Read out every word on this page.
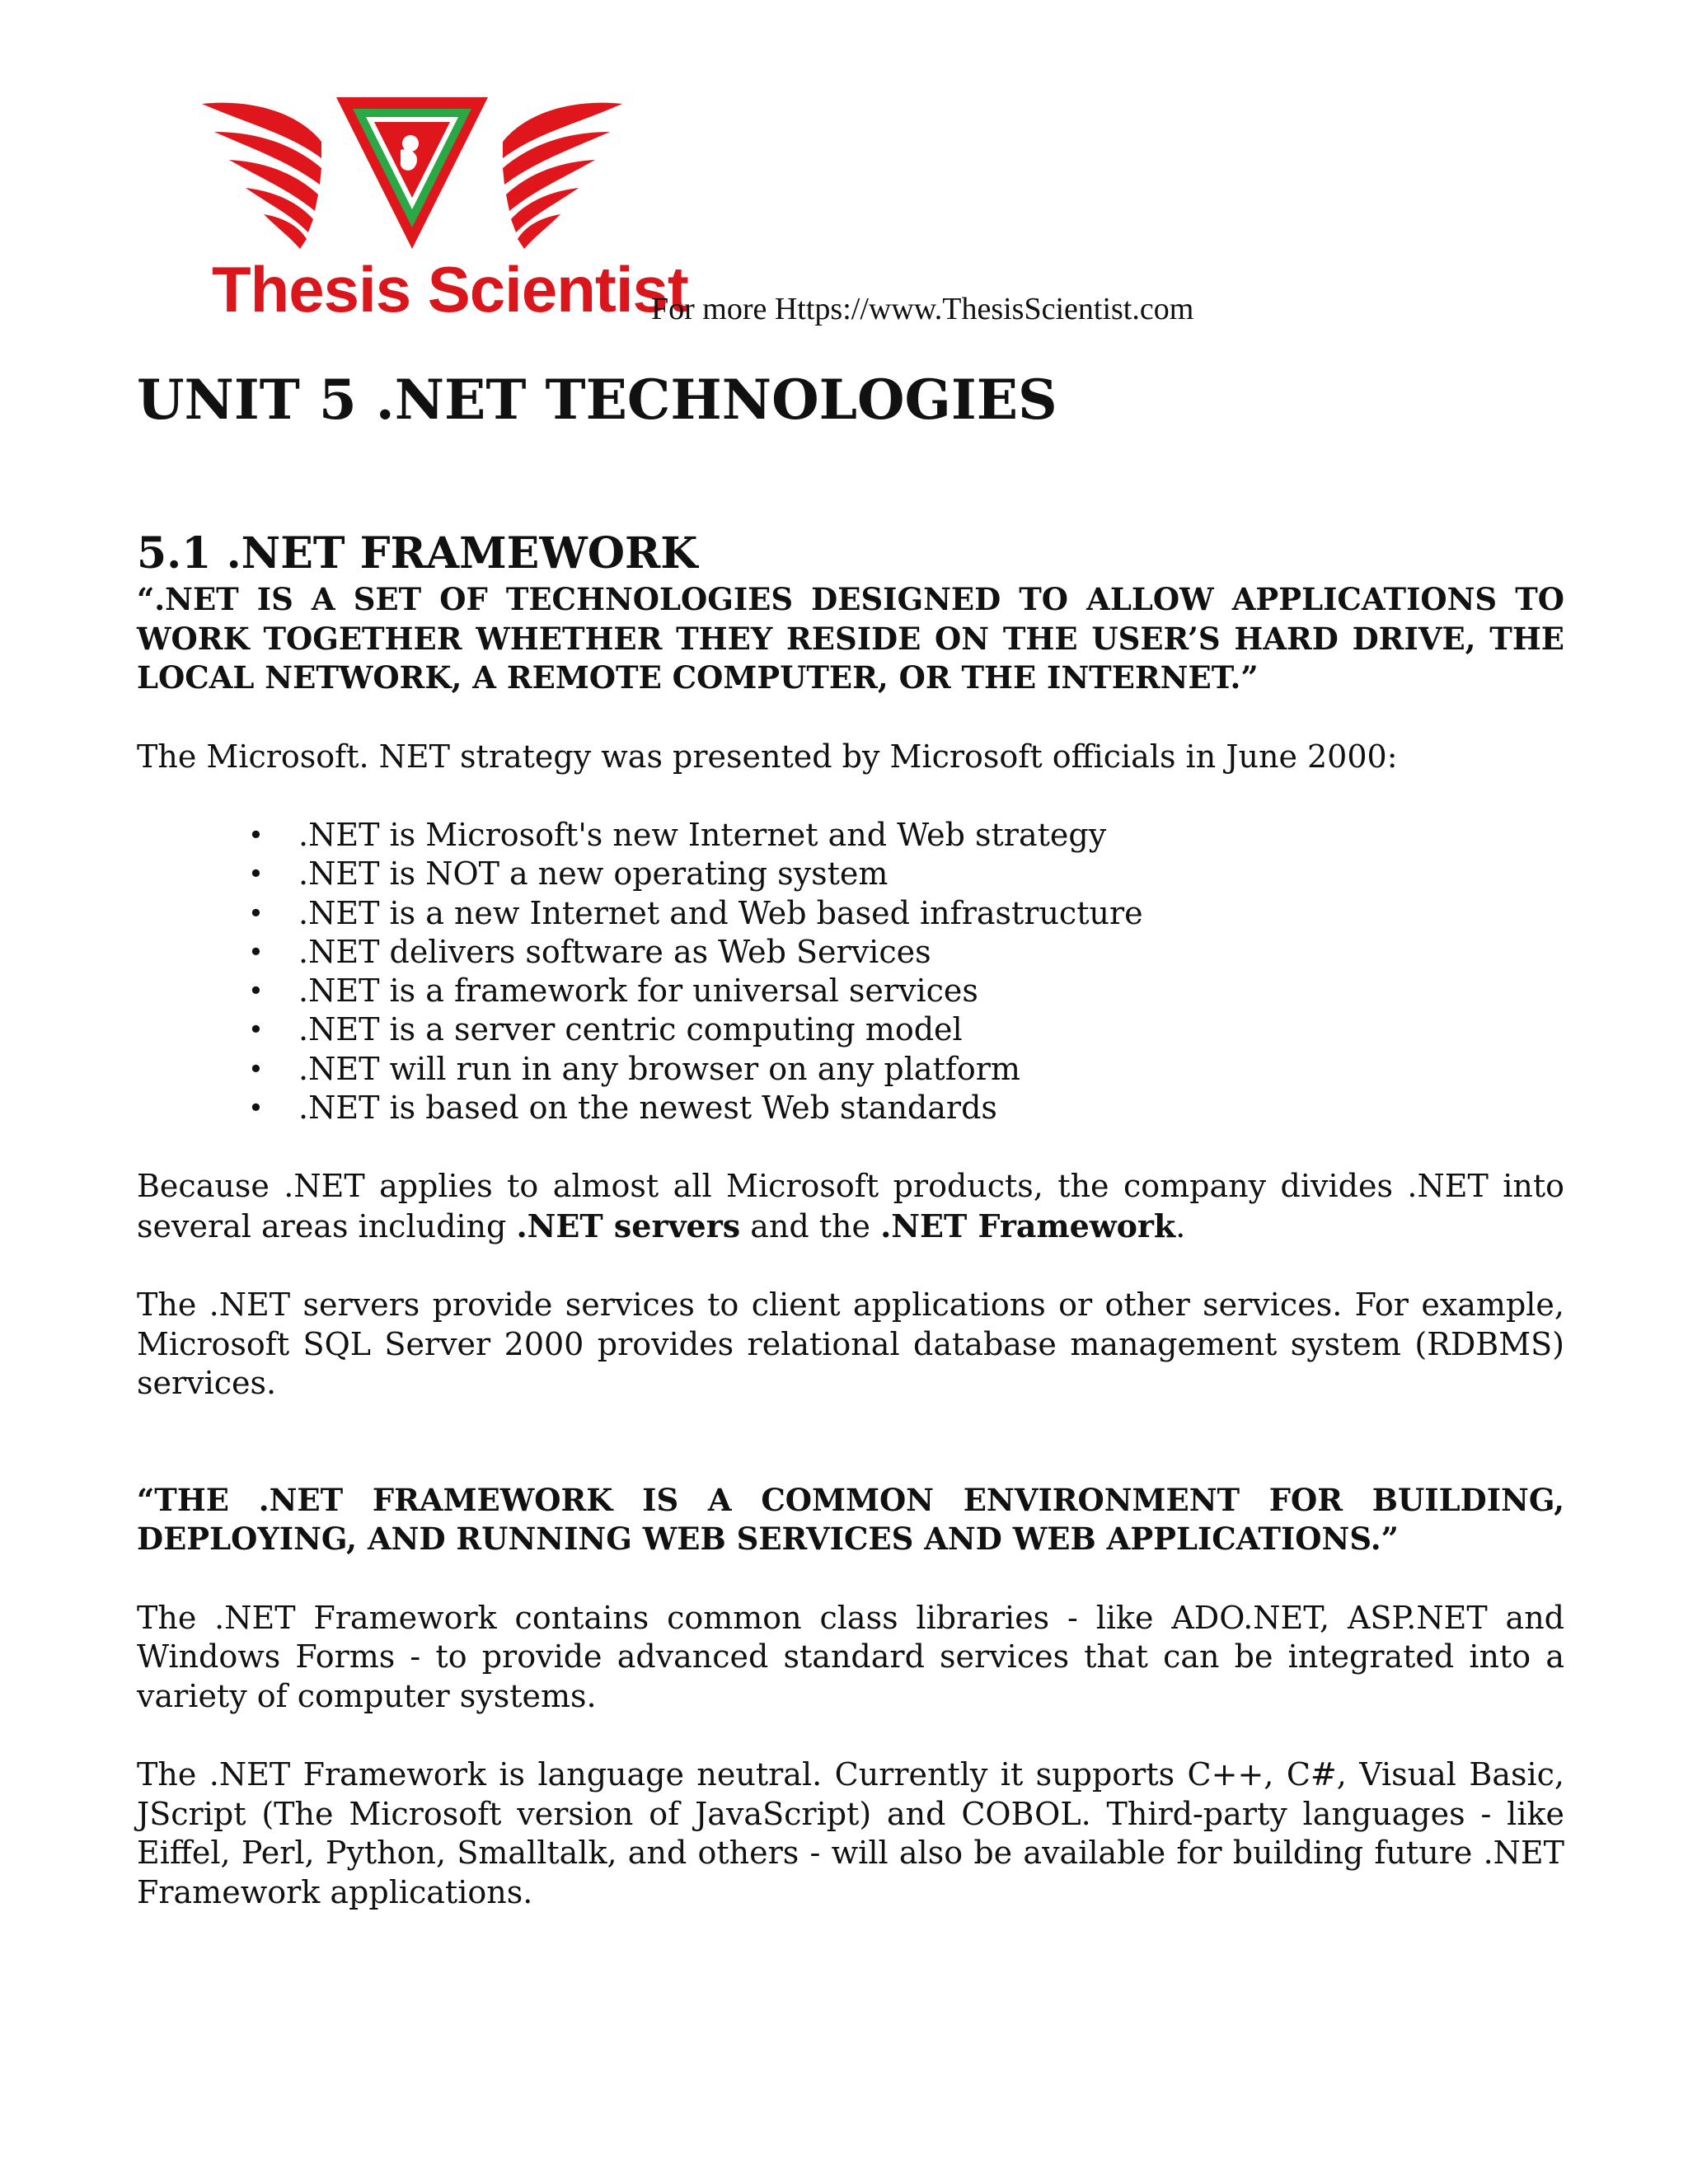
Thesis Scientist
For more Https://www.ThesisScientist.com
UNIT 5 .NET TECHNOLOGIES
5.1 .NET FRAMEWORK

“.NET IS A SET OF TECHNOLOGIES DESIGNED TO ALLOW APPLICATIONS TO WORK TOGETHER WHETHER THEY RESIDE ON THE USER’S HARD DRIVE, THE LOCAL NETWORK, A REMOTE COMPUTER, OR THE INTERNET.”

The Microsoft. NET strategy was presented by Microsoft officials in June 2000:

• .NET is Microsoft's new Internet and Web strategy
• .NET is NOT a new operating system
• .NET is a new Internet and Web based infrastructure
• .NET delivers software as Web Services
• .NET is a framework for universal services
• .NET is a server centric computing model
• .NET will run in any browser on any platform
• .NET is based on the newest Web standards

Because .NET applies to almost all Microsoft products, the company divides .NET into several areas including .NET servers and the .NET Framework.

The .NET servers provide services to client applications or other services. For example, Microsoft SQL Server 2000 provides relational database management system (RDBMS) services.

“THE .NET FRAMEWORK IS A COMMON ENVIRONMENT FOR BUILDING, DEPLOYING, AND RUNNING WEB SERVICES AND WEB APPLICATIONS.”

The .NET Framework contains common class libraries - like ADO.NET, ASP.NET and Windows Forms - to provide advanced standard services that can be integrated into a variety of computer systems.

The .NET Framework is language neutral. Currently it supports C++, C#, Visual Basic, JScript (The Microsoft version of JavaScript) and COBOL. Third-party languages - like Eiffel, Perl, Python, Smalltalk, and others - will also be available for building future .NET Framework applications.
